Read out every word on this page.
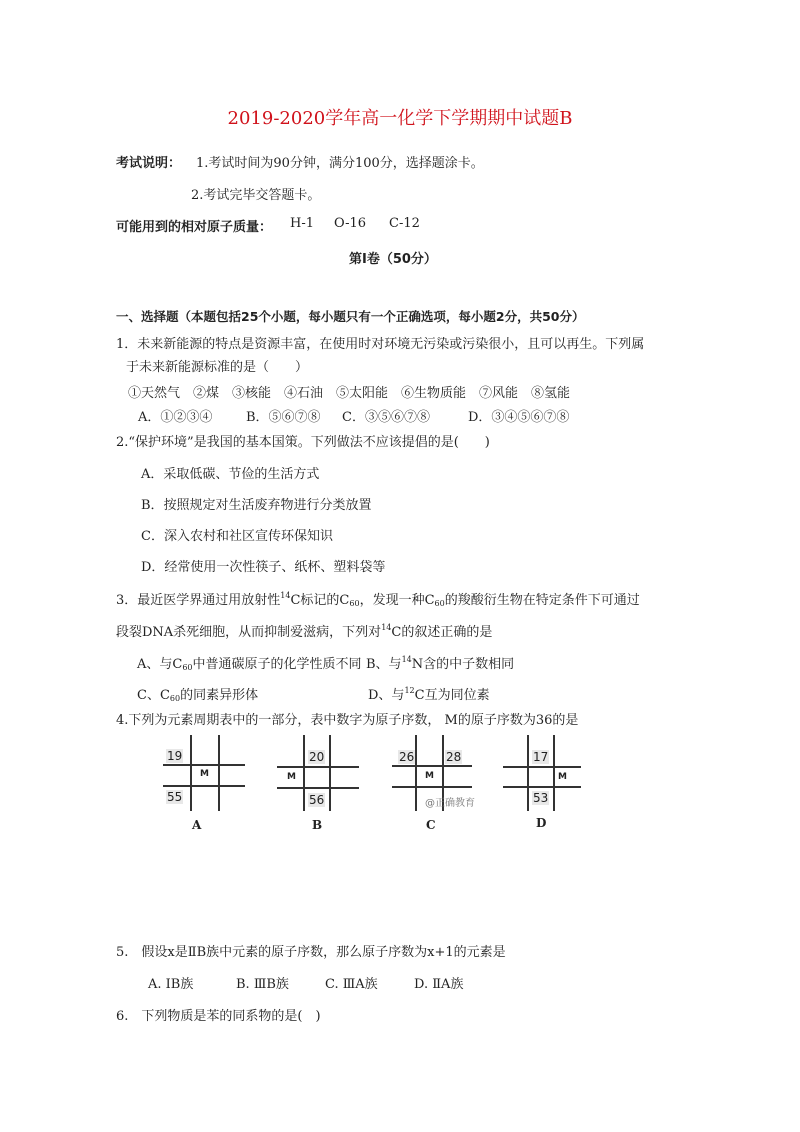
2019-2020学年高一化学下学期期中试题B
考试说明： 1.考试时间为90分钟，满分100分，选择题涂卡。
2.考试完毕交答题卡。
可能用到的相对原子质量： H-1 O-16 C-12
第Ⅰ卷（50分）
一、选择题（本题包括25个小题，每小题只有一个正确选项，每小题2分，共50分）
1．未来新能源的特点是资源丰富，在使用时对环境无污染或污染很小，且可以再生。下列属
于未来新能源标准的是（　　）
①天然气　②煤　③核能　④石油　⑤太阳能　⑥生物质能　⑦风能　⑧氢能
A．①②③④	B．⑤⑥⑦⑧ C．③⑤⑥⑦⑧	D．③④⑤⑥⑦⑧
2.“保护环境”是我国的基本国策。下列做法不应该提倡的是(　　)
A．采取低碳、节俭的生活方式
B．按照规定对生活废弃物进行分类放置
C．深入农村和社区宣传环保知识
D．经常使用一次性筷子、纸杯、塑料袋等
3．最近医学界通过用放射性$^{14}$C标记的$C_{60}$，发现一种$C_{60}$的羧酸衍生物在特定条件下可通过
段裂DNA杀死细胞，从而抑制爱滋病，下列对$^{14}$C的叙述正确的是
A、与$C_{60}$中普通碳原子的化学性质不同 B、与$^{14}$N含的中子数相同
C、$C_{60}$的同素异形体	D、与$^{12}$C互为同位素
4.下列为元素周期表中的一部分，表中数字为原子序数， M的原子序数为36的是
19
M
55
A
20
M
56
B
26	28
M
@正确教育
C
17
M
53
D
5.　假设x是ⅡB族中元素的原子序数，那么原子序数为x+1的元素是
A. ⅠB族	B. ⅢB族	C. ⅢA族	D. ⅡA族
6.　下列物质是苯的同系物的是(　)
